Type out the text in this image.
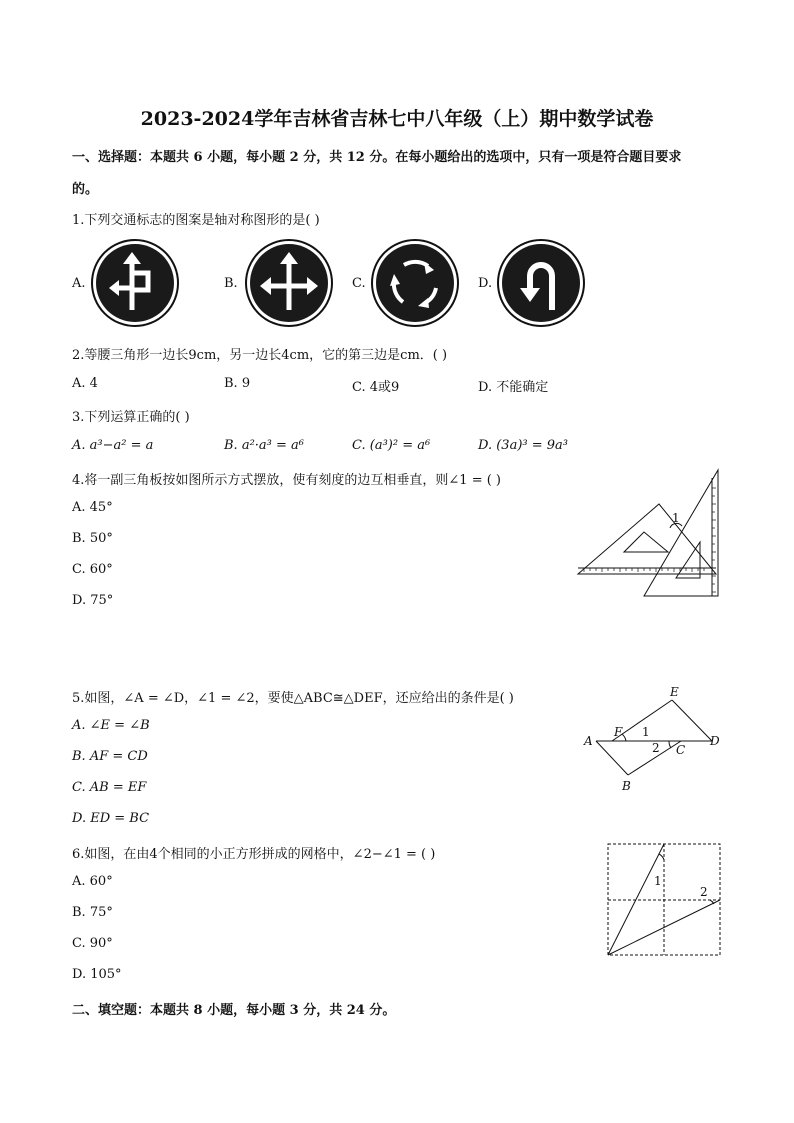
2023-2024学年吉林省吉林七中八年级（上）期中数学试卷
一、选择题：本题共 6 小题，每小题 2 分，共 12 分。在每小题给出的选项中，只有一项是符合题目要求
的。
1.下列交通标志的图案是轴对称图形的是( )
A.	B.	C.	D.
2.等腰三角形一边长9cm，另一边长4cm，它的第三边是cm．( )
A. 4	B. 9	C. 4或9	D. 不能确定
3.下列运算正确的( )
A. a³−a² = a	B. a²·a³ = a⁶	C. (a³)² = a⁶	D. (3a)³ = 9a³
4.将一副三角板按如图所示方式摆放，使有刻度的边互相垂直，则∠1 = ( )
A. 45°
B. 50°
C. 60°
D. 75°
1
5.如图，∠A = ∠D，∠1 = ∠2，要使△ABC≅△DEF，还应给出的条件是( )
A. ∠E = ∠B
B. AF = CD
C. AB = EF
D. ED = BC
A
F 1
2 C
D
E
B
6.如图，在由4个相同的小正方形拼成的网格中，∠2−∠1 = ( )
A. 60°
B. 75°
C. 90°
D. 105°
1
2
二、填空题：本题共 8 小题，每小题 3 分，共 24 分。
